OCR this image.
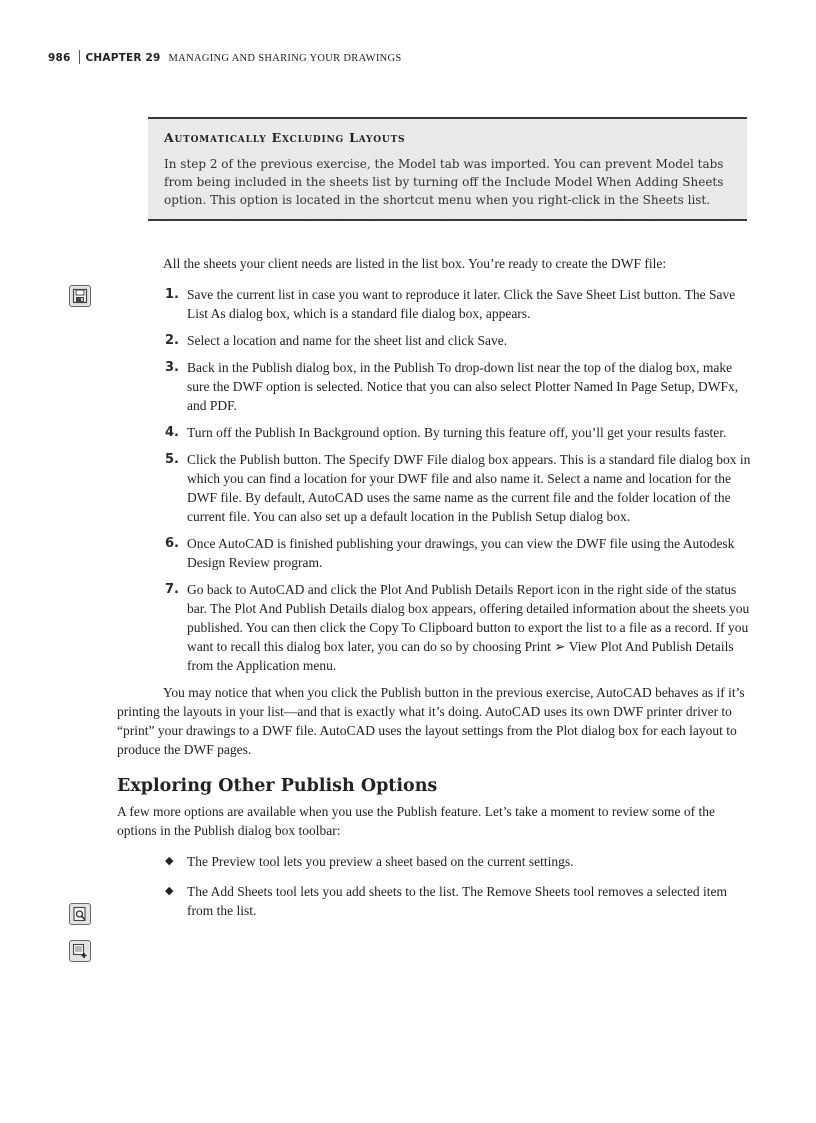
986 CHAPTER 29 MANAGING AND SHARING YOUR DRAWINGS
Automatically Excluding Layouts

In step 2 of the previous exercise, the Model tab was imported. You can prevent Model tabs from being included in the sheets list by turning off the Include Model When Adding Sheets option. This option is located in the shortcut menu when you right-click in the Sheets list.

All the sheets your client needs are listed in the list box. You’re ready to create the DWF file:

1. Save the current list in case you want to reproduce it later. Click the Save Sheet List button. The Save List As dialog box, which is a standard file dialog box, appears.
2. Select a location and name for the sheet list and click Save.
3. Back in the Publish dialog box, in the Publish To drop-down list near the top of the dialog box, make sure the DWF option is selected. Notice that you can also select Plotter Named In Page Setup, DWFx, and PDF.
4. Turn off the Publish In Background option. By turning this feature off, you’ll get your results faster.
5. Click the Publish button. The Specify DWF File dialog box appears. This is a standard file dialog box in which you can find a location for your DWF file and also name it. Select a name and location for the DWF file. By default, AutoCAD uses the same name as the current file and the folder location of the current file. You can also set up a default location in the Publish Setup dialog box.
6. Once AutoCAD is finished publishing your drawings, you can view the DWF file using the Autodesk Design Review program.
7. Go back to AutoCAD and click the Plot And Publish Details Report icon in the right side of the status bar. The Plot And Publish Details dialog box appears, offering detailed information about the sheets you published. You can then click the Copy To Clipboard button to export the list to a file as a record. If you want to recall this dialog box later, you can do so by choosing Print ➢ View Plot And Publish Details from the Application menu.

You may notice that when you click the Publish button in the previous exercise, AutoCAD behaves as if it’s printing the layouts in your list—and that is exactly what it’s doing. AutoCAD uses its own DWF printer driver to “print” your drawings to a DWF file. AutoCAD uses the layout settings from the Plot dialog box for each layout to produce the DWF pages.

Exploring Other Publish Options

A few more options are available when you use the Publish feature. Let’s take a moment to review some of the options in the Publish dialog box toolbar:

◆ The Preview tool lets you preview a sheet based on the current settings.
◆ The Add Sheets tool lets you add sheets to the list. The Remove Sheets tool removes a selected item from the list.
